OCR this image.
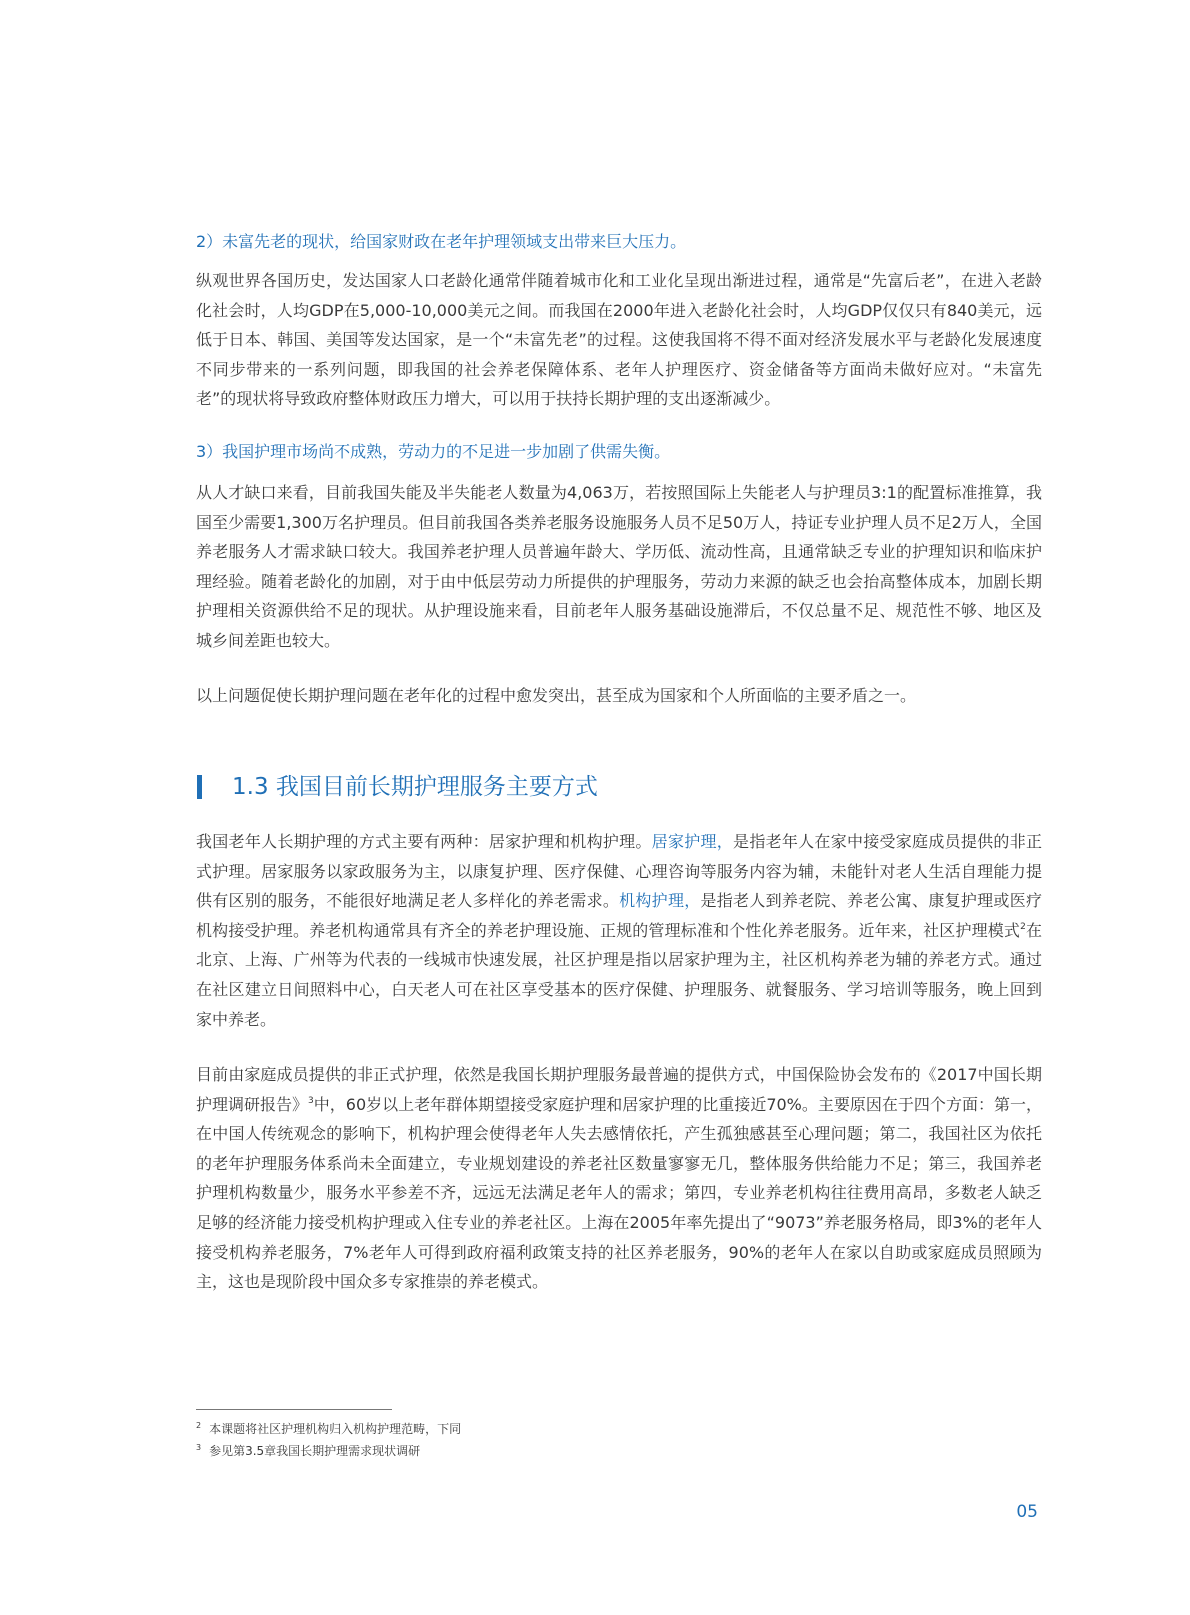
2）未富先老的现状，给国家财政在老年护理领域支出带来巨大压力。

纵观世界各国历史，发达国家人口老龄化通常伴随着城市化和工业化呈现出渐进过程，通常是“先富后老”，在进入老龄化社会时，人均GDP在5,000-10,000美元之间。而我国在2000年进入老龄化社会时，人均GDP仅仅只有840美元，远低于日本、韩国、美国等发达国家，是一个“未富先老”的过程。这使我国将不得不面对经济发展水平与老龄化发展速度不同步带来的一系列问题，即我国的社会养老保障体系、老年人护理医疗、资金储备等方面尚未做好应对。“未富先老”的现状将导致政府整体财政压力增大，可以用于扶持长期护理的支出逐渐减少。

3）我国护理市场尚不成熟，劳动力的不足进一步加剧了供需失衡。

从人才缺口来看，目前我国失能及半失能老人数量为4,063万，若按照国际上失能老人与护理员3:1的配置标准推算，我国至少需要1,300万名护理员。但目前我国各类养老服务设施服务人员不足50万人，持证专业护理人员不足2万人，全国养老服务人才需求缺口较大。我国养老护理人员普遍年龄大、学历低、流动性高，且通常缺乏专业的护理知识和临床护理经验。随着老龄化的加剧，对于由中低层劳动力所提供的护理服务，劳动力来源的缺乏也会抬高整体成本，加剧长期护理相关资源供给不足的现状。从护理设施来看，目前老年人服务基础设施滞后，不仅总量不足、规范性不够、地区及城乡间差距也较大。

以上问题促使长期护理问题在老年化的过程中愈发突出，甚至成为国家和个人所面临的主要矛盾之一。

1.3 我国目前长期护理服务主要方式

我国老年人长期护理的方式主要有两种：居家护理和机构护理。居家护理，是指老年人在家中接受家庭成员提供的非正式护理。居家服务以家政服务为主，以康复护理、医疗保健、心理咨询等服务内容为辅，未能针对老人生活自理能力提供有区别的服务，不能很好地满足老人多样化的养老需求。机构护理，是指老人到养老院、养老公寓、康复护理或医疗机构接受护理。养老机构通常具有齐全的养老护理设施、正规的管理标准和个性化养老服务。近年来，社区护理模式$^2$在北京、上海、广州等为代表的一线城市快速发展，社区护理是指以居家护理为主，社区机构养老为辅的养老方式。通过在社区建立日间照料中心，白天老人可在社区享受基本的医疗保健、护理服务、就餐服务、学习培训等服务，晚上回到家中养老。

目前由家庭成员提供的非正式护理，依然是我国长期护理服务最普遍的提供方式，中国保险协会发布的《2017中国长期护理调研报告》$^3$中，60岁以上老年群体期望接受家庭护理和居家护理的比重接近70%。主要原因在于四个方面：第一，在中国人传统观念的影响下，机构护理会使得老年人失去感情依托，产生孤独感甚至心理问题；第二，我国社区为依托的老年护理服务体系尚未全面建立，专业规划建设的养老社区数量寥寥无几，整体服务供给能力不足；第三，我国养老护理机构数量少，服务水平参差不齐，远远无法满足老年人的需求；第四，专业养老机构往往费用高昂，多数老人缺乏足够的经济能力接受机构护理或入住专业的养老社区。上海在2005年率先提出了“9073”养老服务格局，即3%的老年人接受机构养老服务，7%老年人可得到政府福利政策支持的社区养老服务，90%的老年人在家以自助或家庭成员照顾为主，这也是现阶段中国众多专家推崇的养老模式。

$^2$ 本课题将社区护理机构归入机构护理范畴，下同
$^3$ 参见第3.5章我国长期护理需求现状调研
05
